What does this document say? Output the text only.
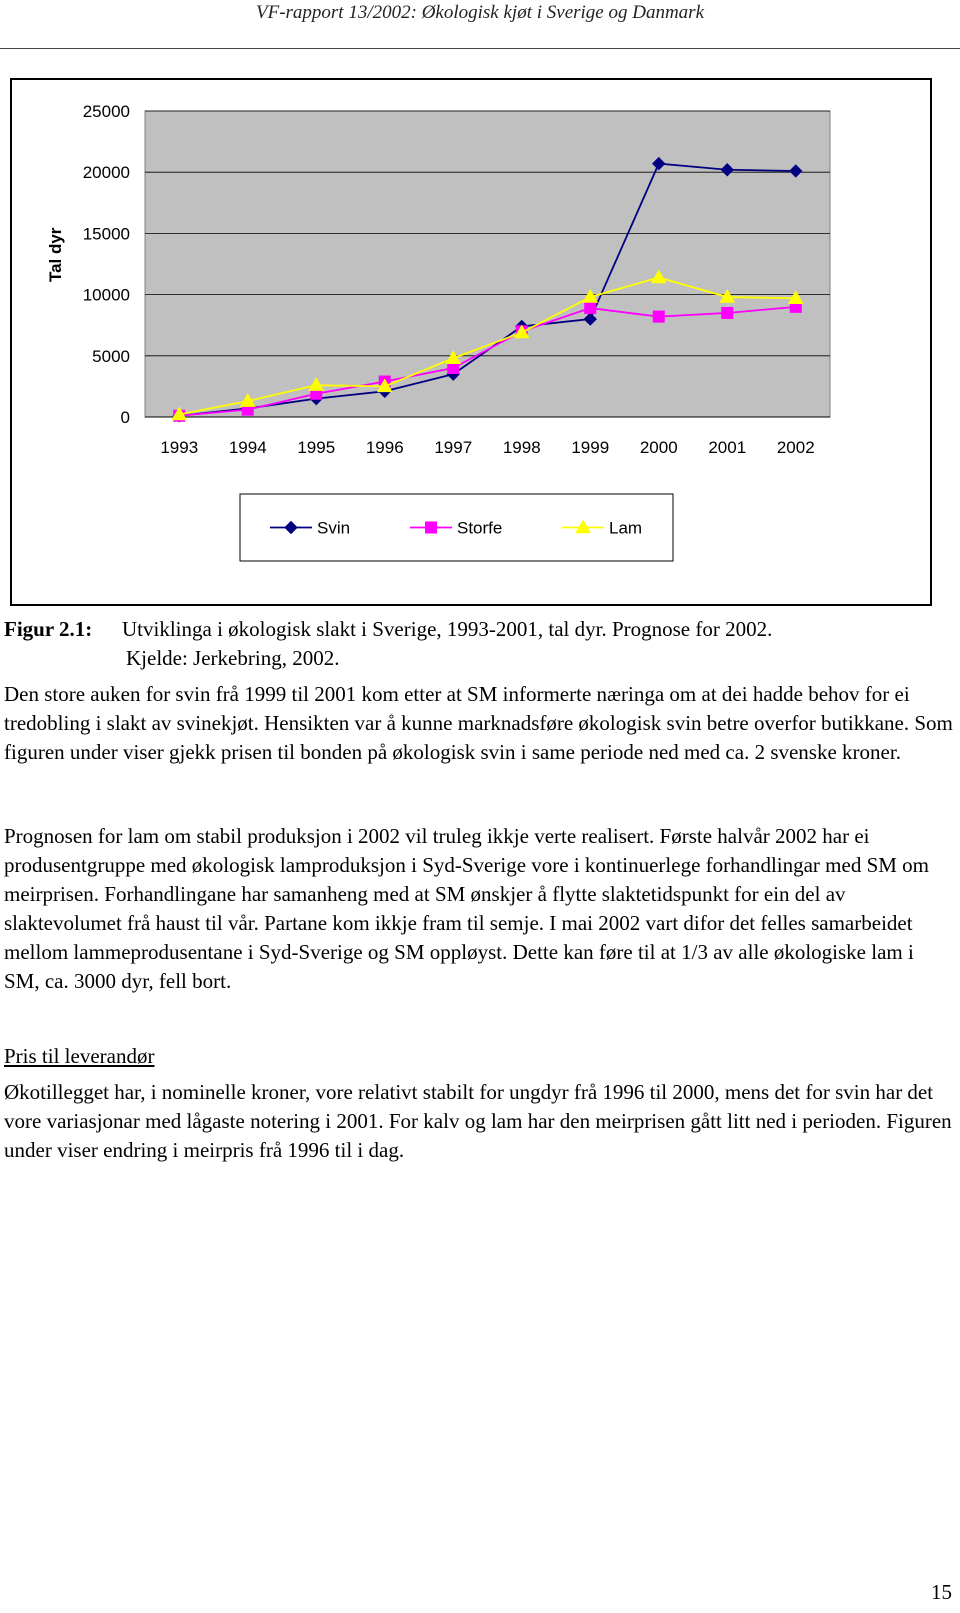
VF-rapport 13/2002: Økologisk kjøt i Sverige og Danmark
25000
20000
15000
10000
5000
0
1993 1994 1995 1996 1997 1998 1999 2000 2001 2002
Tal dyr
Svin	Storfe	Lam
Figur 2.1: Utviklinga i økologisk slakt i Sverige, 1993-2001, tal dyr. Prognose for 2002.
Kjelde: Jerkebring, 2002.

Den store auken for svin frå 1999 til 2001 kom etter at SM informerte næringa om at dei hadde behov for ei tredobling i slakt av svinekjøt. Hensikten var å kunne marknadsføre økologisk svin betre overfor butikkane. Som figuren under viser gjekk prisen til bonden på økologisk svin i same periode ned med ca. 2 svenske kroner.

Prognosen for lam om stabil produksjon i 2002 vil truleg ikkje verte realisert. Første halvår 2002 har ei produsentgruppe med økologisk lamproduksjon i Syd-Sverige vore i kontinuerlege forhandlingar med SM om meirprisen. Forhandlingane har samanheng med at SM ønskjer å flytte slaktetidspunkt for ein del av slaktevolumet frå haust til vår. Partane kom ikkje fram til semje. I mai 2002 vart difor det felles samarbeidet mellom lammeprodusentane i Syd-Sverige og SM oppløyst. Dette kan føre til at 1/3 av alle økologiske lam i SM, ca. 3000 dyr, fell bort.

Pris til leverandør

Økotillegget har, i nominelle kroner, vore relativt stabilt for ungdyr frå 1996 til 2000, mens det for svin har det vore variasjonar med lågaste notering i 2001. For kalv og lam har den meirprisen gått litt ned i perioden. Figuren under viser endring i meirpris frå 1996 til i dag.

15
